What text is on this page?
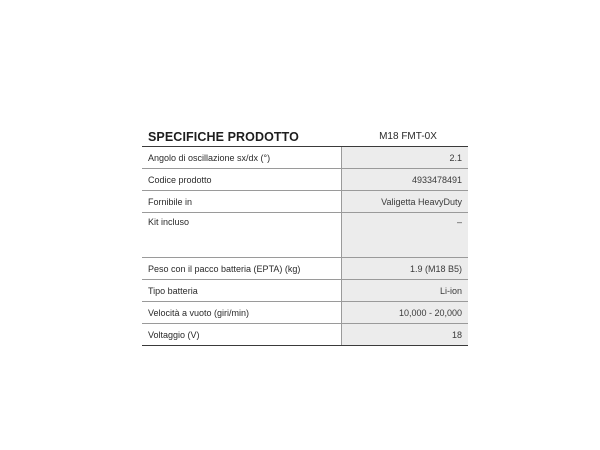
SPECIFICHE PRODOTTO	M18 FMT-0X
Angolo di oscillazione sx/dx (°)	2.1
Codice prodotto	4933478491
Fornibile in	Valigetta HeavyDuty
Kit incluso	–
Peso con il pacco batteria (EPTA) (kg)	1.9 (M18 B5)
Tipo batteria	Li-ion
Velocità a vuoto (giri/min)	10,000 - 20,000
Voltaggio (V)	18
